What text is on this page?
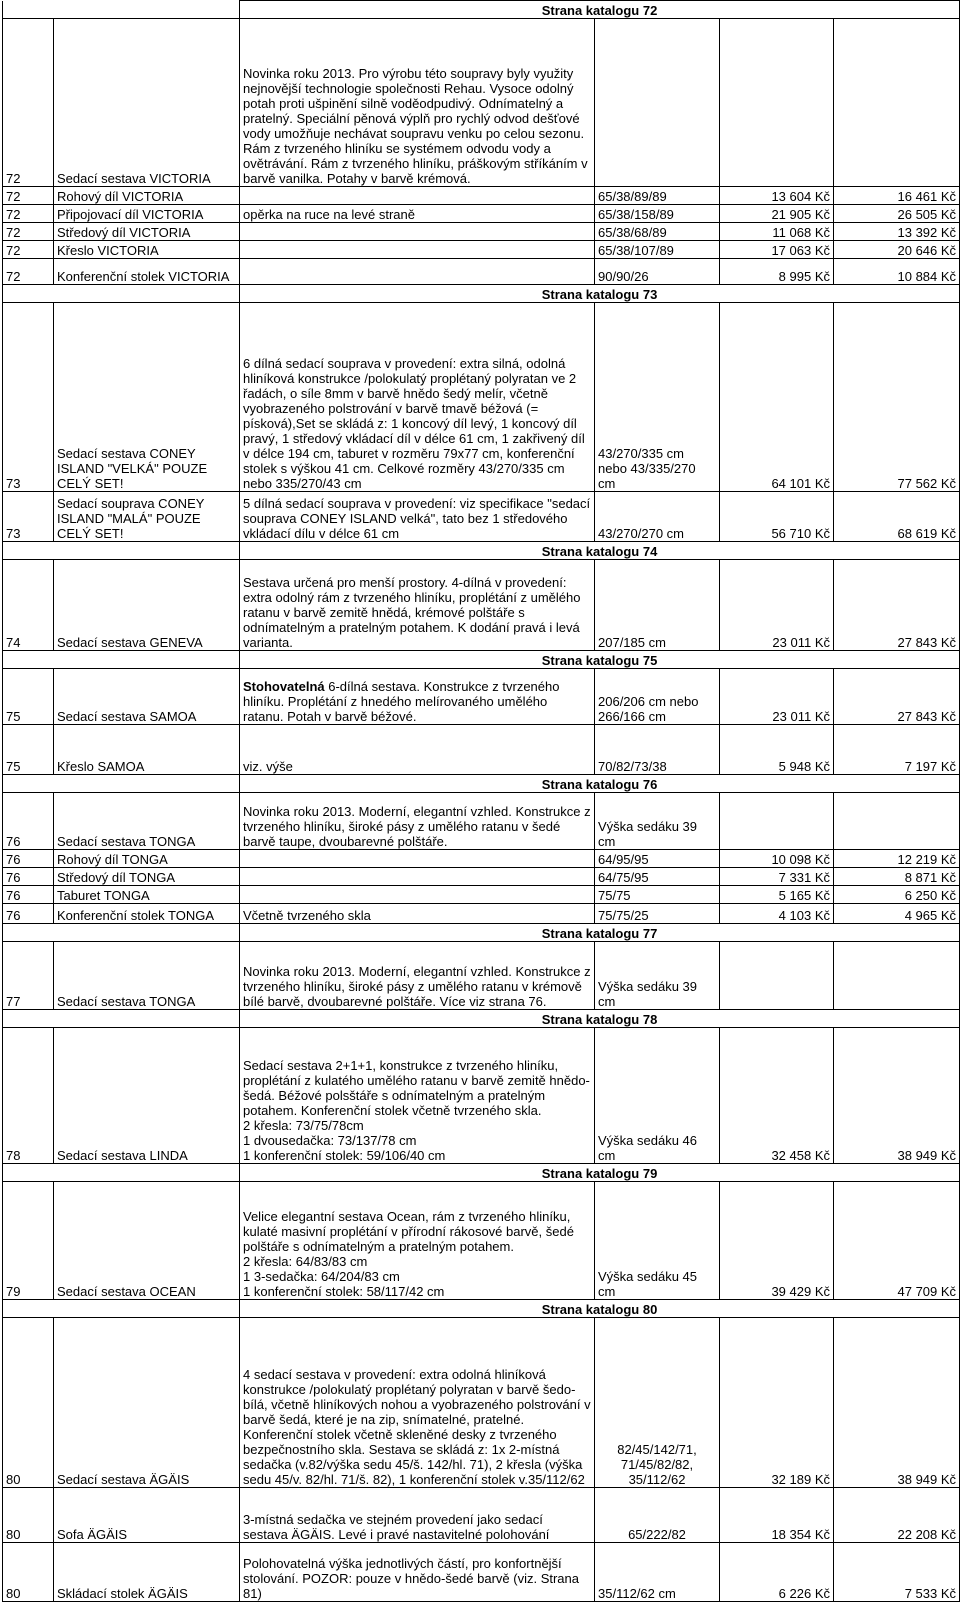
		Strana katalogu 72			
72	Sedací sestava VICTORIA	Novinka roku 2013. Pro výrobu této soupravy byly využity nejnovější technologie společnosti Rehau. Vysoce odolný potah proti ušpinění silně voděodpudivý. Odnímatelný a pratelný. Speciální pěnová výplň pro rychlý odvod dešťové vody umožňuje nechávat soupravu venku po celou sezonu. Rám z tvrzeného hliníku se systémem odvodu vody a ovětrávání. Rám z tvrzeného hliníku, práškovým stříkáním v barvě vanilka. Potahy v barvě krémová.			
72	Rohový díl VICTORIA		65/38/89/89	13 604 Kč	16 461 Kč
72	Připojovací díl VICTORIA	opěrka na ruce na levé straně	65/38/158/89	21 905 Kč	26 505 Kč
72	Středový díl VICTORIA		65/38/68/89	11 068 Kč	13 392 Kč
72	Křeslo VICTORIA		65/38/107/89	17 063 Kč	20 646 Kč
72	Konferenční stolek VICTORIA		90/90/26	8 995 Kč	10 884 Kč
		Strana katalogu 73			
73	Sedací sestava CONEY ISLAND "VELKÁ" POUZE CELÝ SET!	6 dílná sedací souprava v provedení: extra silná, odolná hliníková konstrukce /polokulatý proplétaný polyratan ve 2 řadách, o síle 8mm v barvě hnědo šedý melír, včetně vyobrazeného polstrování v barvě tmavě béžová (= písková),Set se skládá z: 1 koncový díl levý, 1 koncový díl pravý, 1 středový vkládací díl v délce 61 cm, 1 zakřivený díl v délce 194 cm, taburet v rozměru 79x77 cm, konferenční stolek s výškou 41 cm. Celkové rozměry 43/270/335 cm nebo 335/270/43 cm	43/270/335 cm nebo 43/335/270 cm	64 101 Kč	77 562 Kč
73	Sedací souprava CONEY ISLAND "MALÁ" POUZE CELÝ SET!	5 dílná sedací souprava v provedení: viz specifikace "sedací souprava CONEY ISLAND velká", tato bez 1 středového vkládací dílu v délce 61 cm	43/270/270 cm	56 710 Kč	68 619 Kč
		Strana katalogu 74			
74	Sedací sestava GENEVA	Sestava určená pro menší prostory. 4-dílná v provedení: extra odolný rám z tvrzeného hliníku, proplétání z umělého ratanu v barvě zemitě hnědá, krémové polštáře s odnímatelným a pratelným potahem. K dodání pravá i levá varianta.	207/185 cm	23 011 Kč	27 843 Kč
		Strana katalogu 75			
75	Sedací sestava SAMOA	Stohovatelná 6-dílná sestava. Konstrukce z tvrzeného hliníku. Proplétání z hnedého melírovaného umělého ratanu. Potah v barvě béžové.	206/206 cm nebo 266/166 cm	23 011 Kč	27 843 Kč
75	Křeslo SAMOA	viz. výše	70/82/73/38	5 948 Kč	7 197 Kč
		Strana katalogu 76			
76	Sedací sestava TONGA	Novinka roku 2013. Moderní, elegantní vzhled. Konstrukce z tvrzeného hliníku, široké pásy z umělého ratanu v šedé barvě taupe, dvoubarevné polštáře.	Výška sedáku 39 cm		
76	Rohový díl TONGA		64/95/95	10 098 Kč	12 219 Kč
76	Středový díl TONGA		64/75/95	7 331 Kč	8 871 Kč
76	Taburet TONGA		75/75	5 165 Kč	6 250 Kč
76	Konferenční stolek TONGA	Včetně tvrzeného skla	75/75/25	4 103 Kč	4 965 Kč
		Strana katalogu 77			
77	Sedací sestava TONGA	Novinka roku 2013. Moderní, elegantní vzhled. Konstrukce z tvrzeného hliníku, široké pásy z umělého ratanu v krémově bílé barvě, dvoubarevné polštáře. Více viz strana 76.	Výška sedáku 39 cm		
		Strana katalogu 78			
78	Sedací sestava LINDA	Sedací sestava 2+1+1, konstrukce z tvrzeného hliníku, proplétání z kulatého umělého ratanu v barvě zemitě hnědo-šedá. Béžové polsštáře s odnímatelným a pratelným potahem. Konferenční stolek včetně tvrzeného skla.
2 křesla: 73/75/78cm
1 dvousedačka: 73/137/78 cm
1 konferenční stolek: 59/106/40 cm	Výška sedáku 46 cm	32 458 Kč	38 949 Kč
		Strana katalogu 79			
79	Sedací sestava OCEAN	Velice elegantní sestava Ocean, rám z tvrzeného hliníku, kulaté masivní proplétání v přírodní rákosové barvě, šedé polštáře s odnímatelným a pratelným potahem.
2 křesla: 64/83/83 cm
1 3-sedačka: 64/204/83 cm
1 konferenční stolek: 58/117/42 cm	Výška sedáku 45 cm	39 429 Kč	47 709 Kč
		Strana katalogu 80			
80	Sedací sestava ÄGÄIS	4 sedací sestava v provedení: extra odolná hliníková konstrukce /polokulatý proplétaný polyratan v barvě šedo-bílá, včetně hliníkových nohou a vyobrazeného polstrování v barvě šedá, které je na zip, snímatelné, pratelné. Konferenční stolek včetně skleněné desky z tvrzeného bezpečnostního skla. Sestava se skládá z: 1x 2-místná sedačka (v.82/výška sedu 45/š. 142/hl. 71), 2 křesla (výška sedu 45/v. 82/hl. 71/š. 82), 1 konferenční stolek v.35/112/62	82/45/142/71, 71/45/82/82, 35/112/62	32 189 Kč	38 949 Kč
80	Sofa ÄGÄIS	3-místná sedačka ve stejném provedení jako sedací sestava ÄGÄIS. Levé i pravé nastavitelné polohování	65/222/82	18 354 Kč	22 208 Kč
80	Skládací stolek ÄGÄIS	Polohovatelná výška jednotlivých částí, pro konfortnější stolování. POZOR: pouze v hnědo-šedé barvě (viz. Strana 81)	35/112/62 cm	6 226 Kč	7 533 Kč
